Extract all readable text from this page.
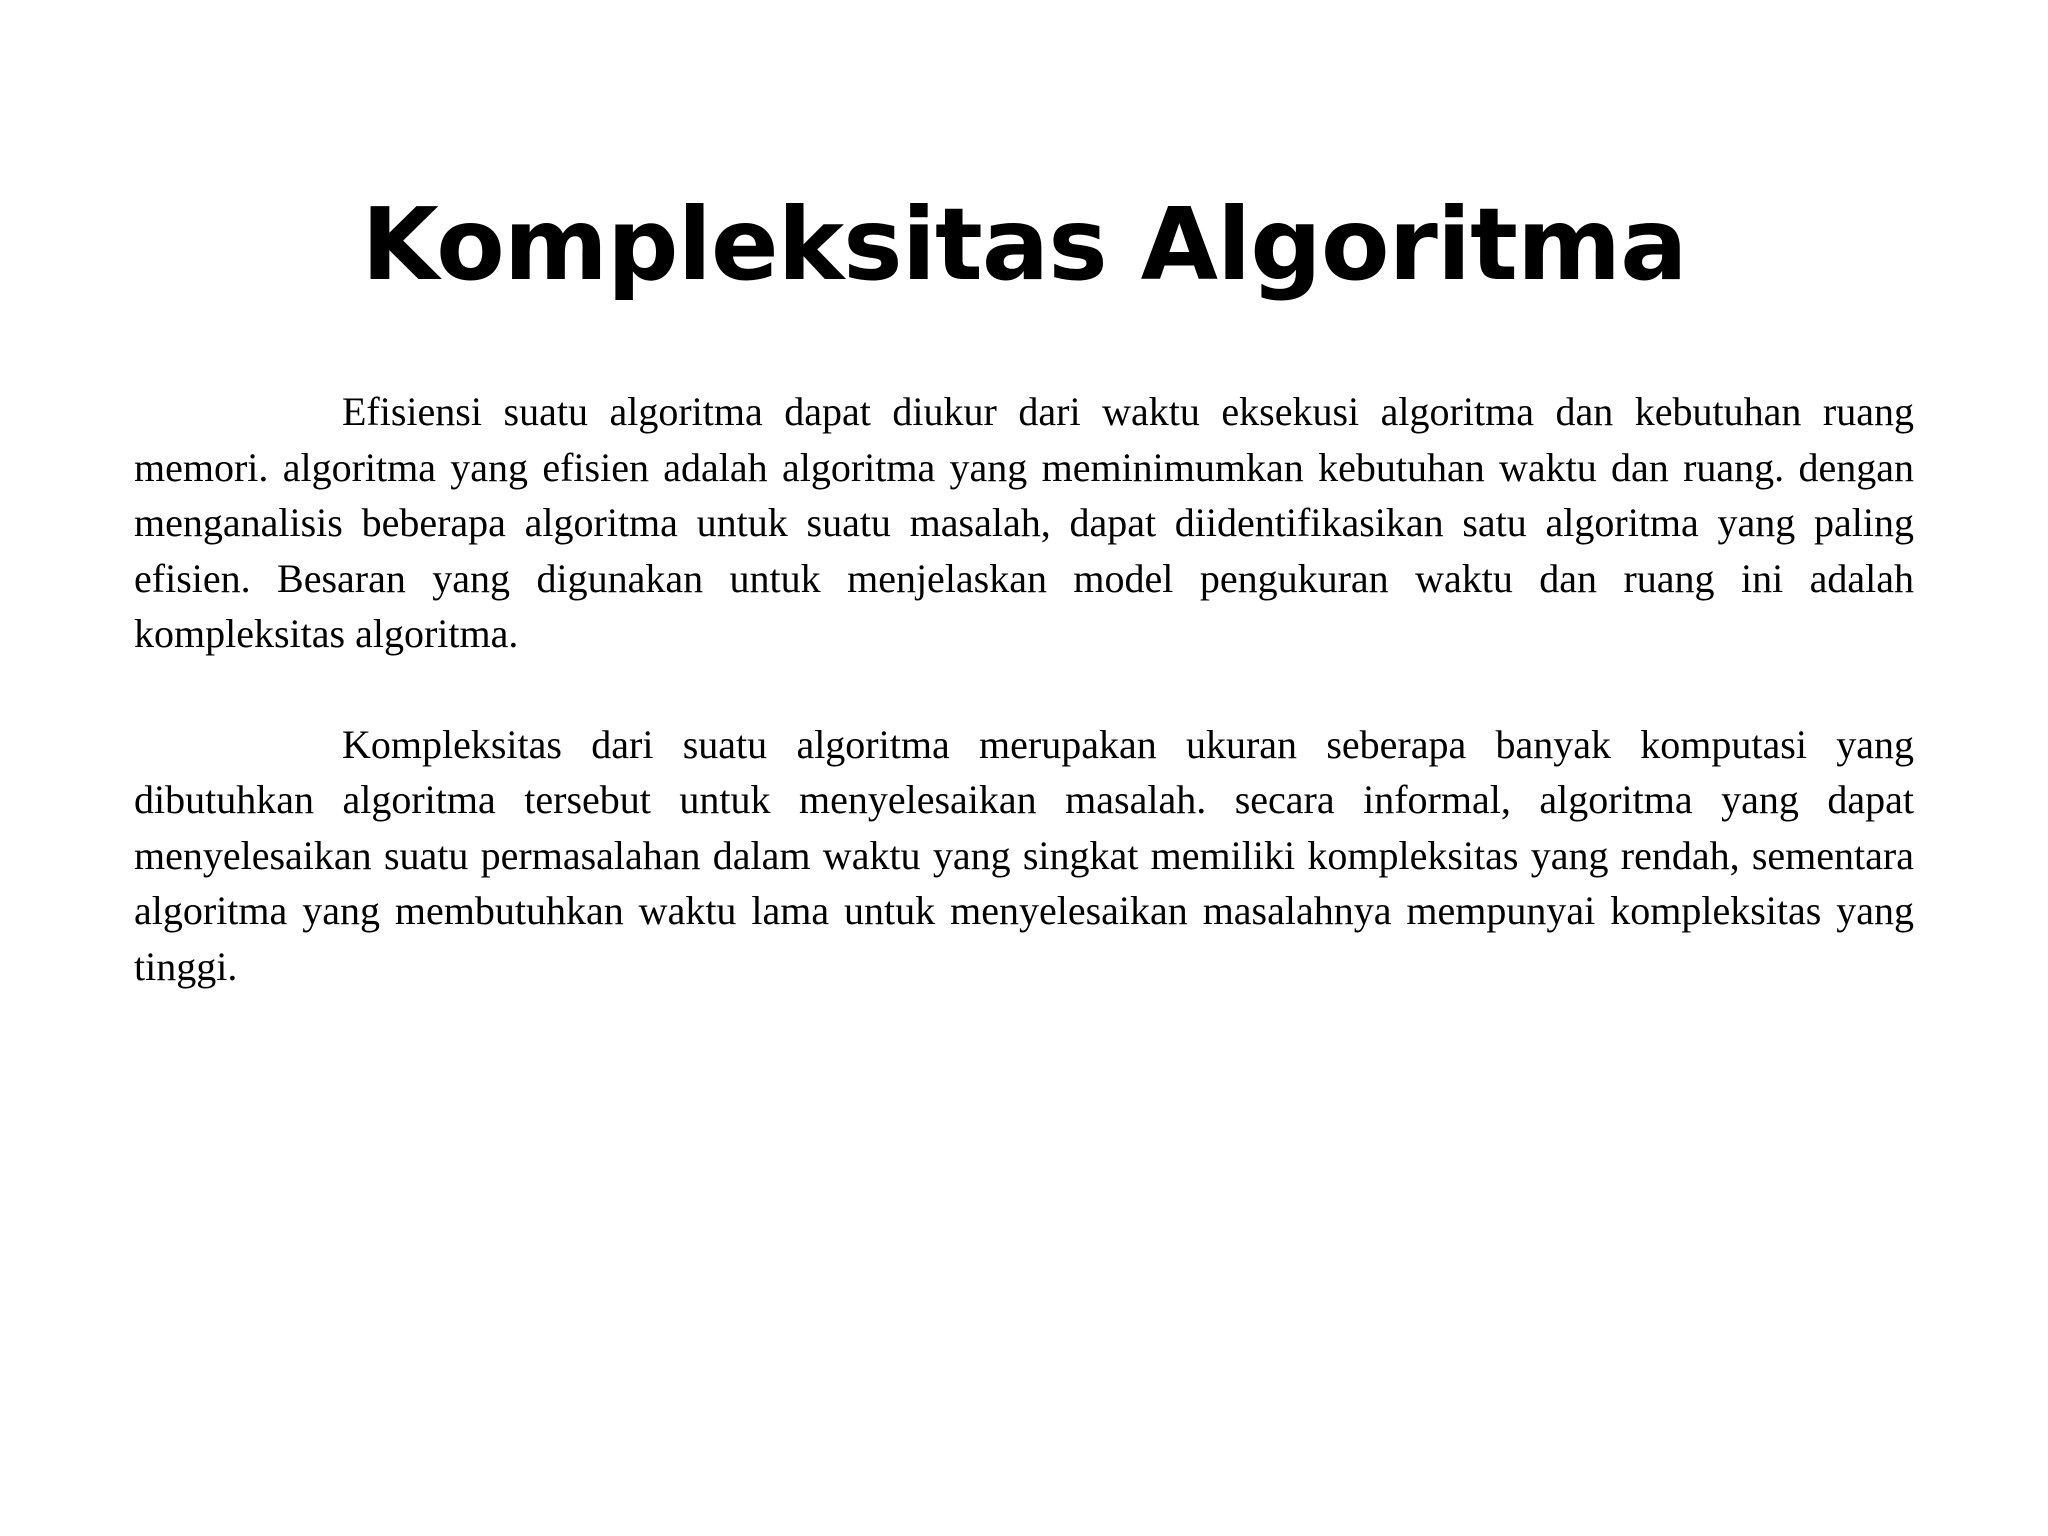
Kompleksitas Algoritma

Efisiensi suatu algoritma dapat diukur dari waktu eksekusi algoritma dan kebutuhan ruang memori. algoritma yang efisien adalah algoritma yang meminimumkan kebutuhan waktu dan ruang. dengan menganalisis beberapa algoritma untuk suatu masalah, dapat diidentifikasikan satu algoritma yang paling efisien. Besaran yang digunakan untuk menjelaskan model pengukuran waktu dan ruang ini adalah kompleksitas algoritma.

Kompleksitas dari suatu algoritma merupakan ukuran seberapa banyak komputasi yang dibutuhkan algoritma tersebut untuk menyelesaikan masalah. secara informal, algoritma yang dapat menyelesaikan suatu permasalahan dalam waktu yang singkat memiliki kompleksitas yang rendah, sementara algoritma yang membutuhkan waktu lama untuk menyelesaikan masalahnya mempunyai kompleksitas yang tinggi.
